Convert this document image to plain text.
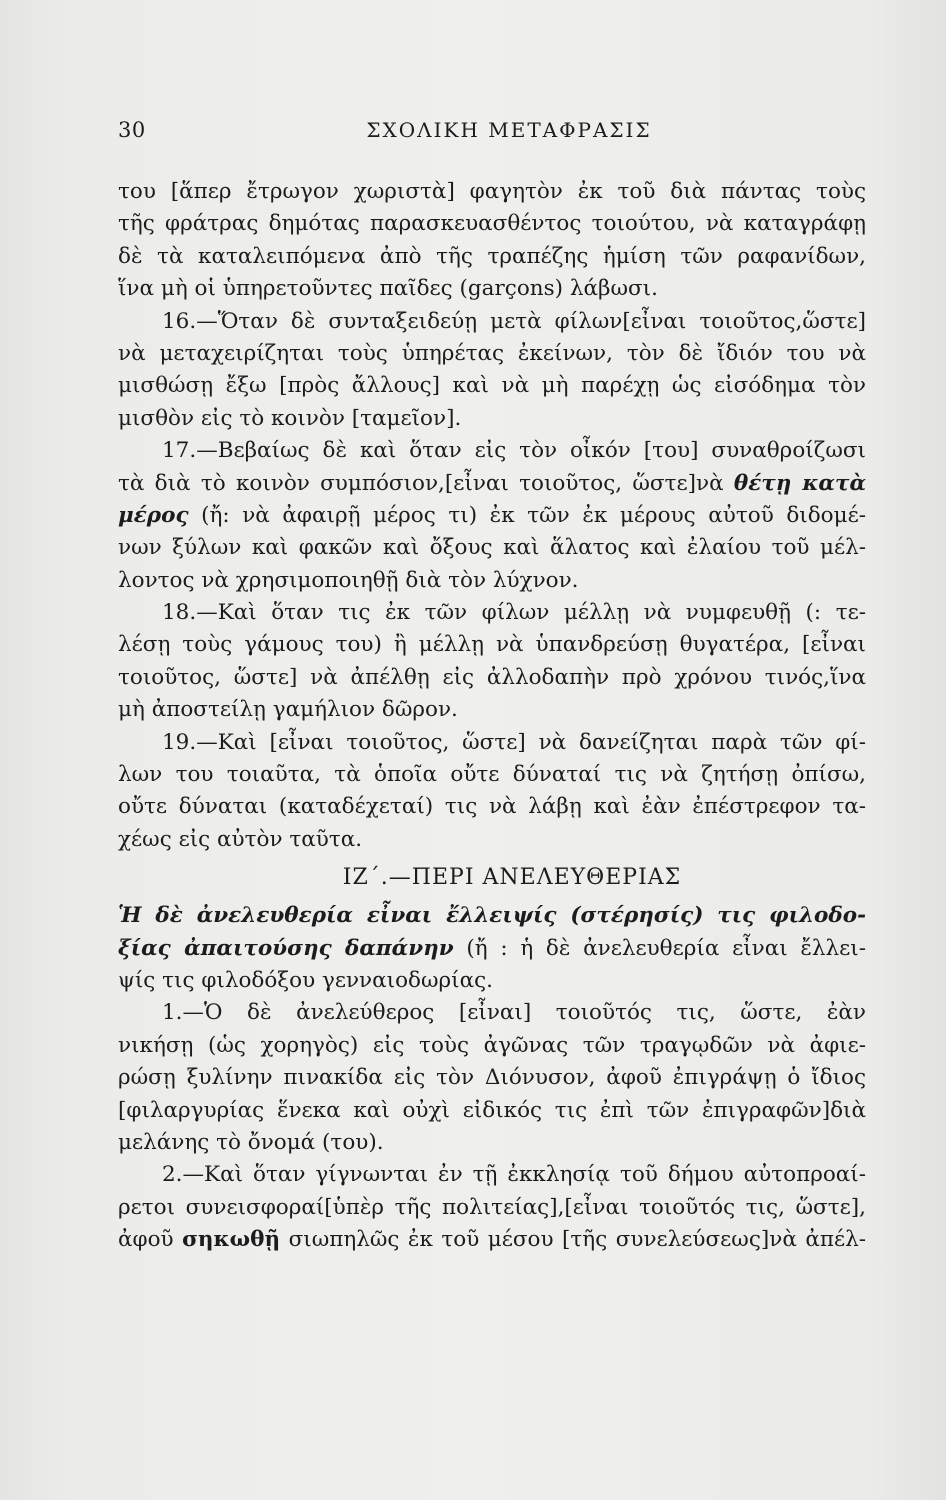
30	ΣΧΟΛΙΚΗ ΜΕΤΑΦΡΑΣΙΣ
του [ἅπερ ἔτρωγον χωριστὰ] φαγητὸν ἐκ τοῦ διὰ πάντας τοὺς
τῆς φράτρας δημότας παρασκευασθέντος τοιούτου, νὰ καταγράφῃ
δὲ τὰ καταλειπόμενα ἀπὸ τῆς τραπέζης ἡμίση τῶν ραφανίδων,
ἵνα μὴ οἱ ὑπηρετοῦντες παῖδες (garçons) λάβωσι.
16.—Ὅταν δὲ συνταξειδεύῃ μετὰ φίλων[εἶναι τοιοῦτος,ὥστε]
νὰ μεταχειρίζηται τοὺς ὑπηρέτας ἐκείνων, τὸν δὲ ἴδιόν του νὰ
μισθώσῃ ἔξω [πρὸς ἄλλους] καὶ νὰ μὴ παρέχῃ ὡς εἰσόδημα τὸν
μισθὸν εἰς τὸ κοινὸν [ταμεῖον].
17.—Βεβαίως δὲ καὶ ὅταν εἰς τὸν οἶκόν [του] συναθροίζωσι
τὰ διὰ τὸ κοινὸν συμπόσιον,[εἶναι τοιοῦτος, ὥστε]νὰ θέτῃ κατὰ
μέρος (ἤ: νὰ ἀφαιρῇ μέρος τι) ἐκ τῶν ἐκ μέρους αὐτοῦ διδομέ-
νων ξύλων καὶ φακῶν καὶ ὄξους καὶ ἅλατος καὶ ἐλαίου τοῦ μέλ-
λοντος νὰ χρησιμοποιηθῇ διὰ τὸν λύχνον.
18.—Καὶ ὅταν τις ἐκ τῶν φίλων μέλλῃ νὰ νυμφευθῇ (: τε-
λέσῃ τοὺς γάμους του) ἢ μέλλῃ νὰ ὑπανδρεύσῃ θυγατέρα, [εἶναι
τοιοῦτος, ὥστε] νὰ ἀπέλθῃ εἰς ἀλλοδαπὴν πρὸ χρόνου τινός,ἵνα
μὴ ἀποστείλῃ γαμήλιον δῶρον.
19.—Καὶ [εἶναι τοιοῦτος, ὥστε] νὰ δανείζηται παρὰ τῶν φί-
λων του τοιαῦτα, τὰ ὁποῖα οὔτε δύναταί τις νὰ ζητήσῃ ὀπίσω,
οὔτε δύναται (καταδέχεταί) τις νὰ λάβῃ καὶ ἐὰν ἐπέστρεφον τα-
χέως εἰς αὐτὸν ταῦτα.
ΙΖ΄.—ΠΕΡΙ ΑΝΕΛΕΥΘΕΡΙΑΣ
Ἡ δὲ ἀνελευθερία εἶναι ἔλλειψίς (στέρησίς) τις φιλοδο-
ξίας ἀπαιτούσης δαπάνην (ἤ : ἡ δὲ ἀνελευθερία εἶναι ἔλλει-
ψίς τις φιλοδόξου γενναιοδωρίας.
1.—Ὁ δὲ ἀνελεύθερος [εἶναι] τοιοῦτός τις, ὥστε, ἐὰν
νικήσῃ (ὡς χορηγὸς) εἰς τοὺς ἀγῶνας τῶν τραγῳδῶν νὰ ἀφιε-
ρώσῃ ξυλίνην πινακίδα εἰς τὸν Διόνυσον, ἀφοῦ ἐπιγράψῃ ὁ ἴδιος
[φιλαργυρίας ἕνεκα καὶ οὐχὶ εἰδικός τις ἐπὶ τῶν ἐπιγραφῶν]διὰ
μελάνης τὸ ὄνομά (του).
2.—Καὶ ὅταν γίγνωνται ἐν τῇ ἐκκλησίᾳ τοῦ δήμου αὐτοπροαί-
ρετοι συνεισφοραί[ὑπὲρ τῆς πολιτείας],[εἶναι τοιοῦτός τις, ὥστε],
ἀφοῦ σηκωθῇ σιωπηλῶς ἐκ τοῦ μέσου [τῆς συνελεύσεως]νὰ ἀπέλ-
